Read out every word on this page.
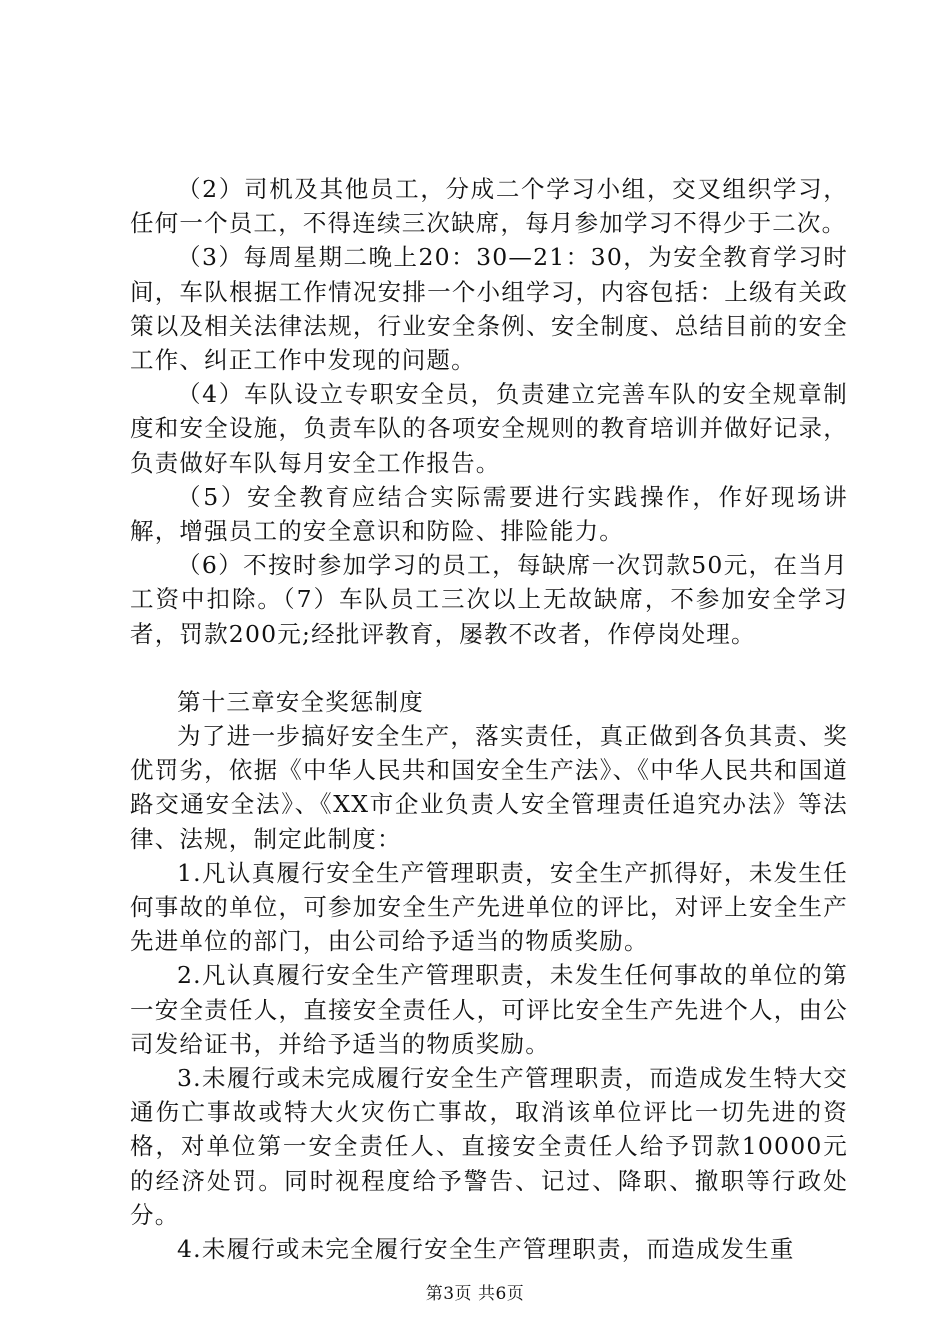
（2）司机及其他员工，分成二个学习小组，交叉组织学习，任何一个员工，不得连续三次缺席，每月参加学习不得少于二次。

（3）每周星期二晚上20：30—21：30，为安全教育学习时间，车队根据工作情况安排一个小组学习，内容包括：上级有关政策以及相关法律法规，行业安全条例、安全制度、总结目前的安全工作、纠正工作中发现的问题。

（4）车队设立专职安全员，负责建立完善车队的安全规章制度和安全设施，负责车队的各项安全规则的教育培训并做好记录，负责做好车队每月安全工作报告。

（5）安全教育应结合实际需要进行实践操作，作好现场讲解，增强员工的安全意识和防险、排险能力。

（6）不按时参加学习的员工，每缺席一次罚款50元，在当月工资中扣除。（7）车队员工三次以上无故缺席，不参加安全学习者，罚款200元;经批评教育，屡教不改者，作停岗处理。

第十三章安全奖惩制度

为了进一步搞好安全生产，落实责任，真正做到各负其责、奖优罚劣，依据《中华人民共和国安全生产法》、《中华人民共和国道路交通安全法》、《XX市企业负责人安全管理责任追究办法》等法律、法规，制定此制度：

1.凡认真履行安全生产管理职责，安全生产抓得好，未发生任何事故的单位，可参加安全生产先进单位的评比，对评上安全生产先进单位的部门，由公司给予适当的物质奖励。

2.凡认真履行安全生产管理职责，未发生任何事故的单位的第一安全责任人，直接安全责任人，可评比安全生产先进个人，由公司发给证书，并给予适当的物质奖励。

3.未履行或未完成履行安全生产管理职责，而造成发生特大交通伤亡事故或特大火灾伤亡事故，取消该单位评比一切先进的资格，对单位第一安全责任人、直接安全责任人给予罚款10000元的经济处罚。同时视程度给予警告、记过、降职、撤职等行政处分。

4.未履行或未完全履行安全生产管理职责，而造成发生重

第3页 共6页
